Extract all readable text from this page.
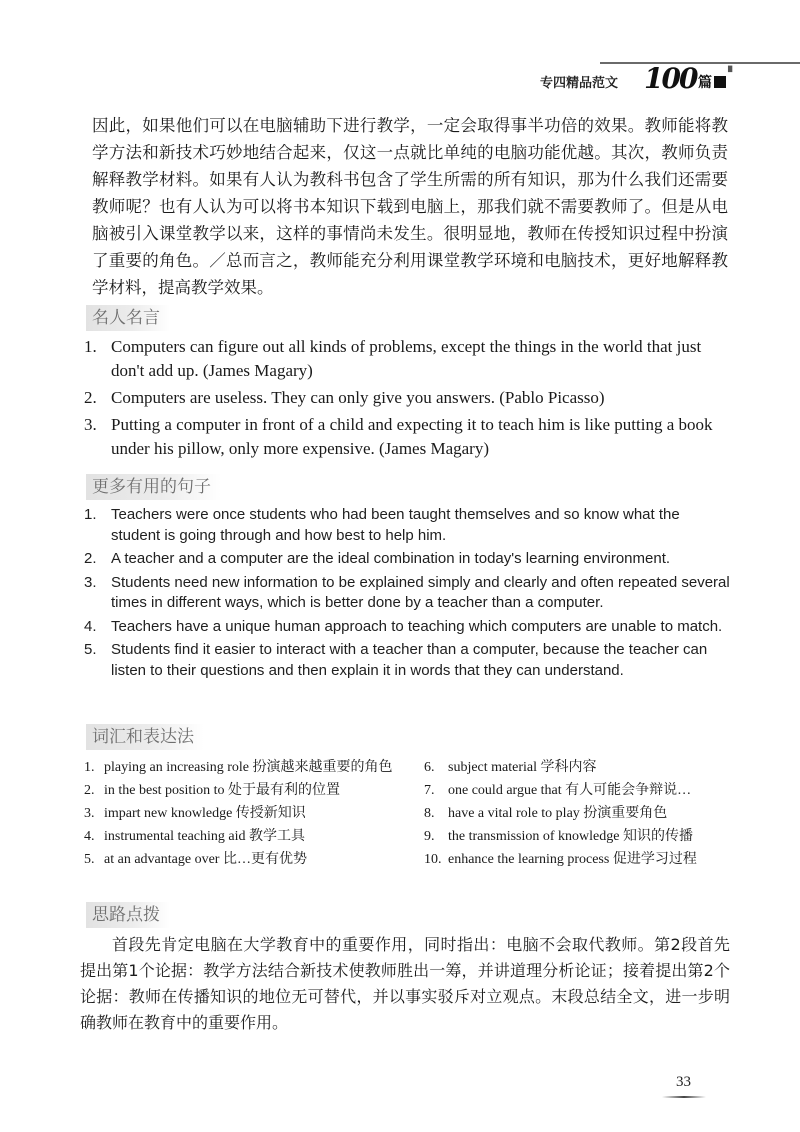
专四精品范文 100 篇
▘

因此，如果他们可以在电脑辅助下进行教学，一定会取得事半功倍的效果。教师能将教学方法和新技术巧妙地结合起来，仅这一点就比单纯的电脑功能优越。其次，教师负责解释教学材料。如果有人认为教科书包含了学生所需的所有知识，那为什么我们还需要教师呢？也有人认为可以将书本知识下载到电脑上，那我们就不需要教师了。但是从电脑被引入课堂教学以来，这样的事情尚未发生。很明显地，教师在传授知识过程中扮演了重要的角色。／总而言之，教师能充分利用课堂教学环境和电脑技术，更好地解释教学材料，提高教学效果。

名人名言
1. Computers can figure out all kinds of problems, except the things in the world that just don't add up. (James Magary)
2. Computers are useless. They can only give you answers. (Pablo Picasso)
3. Putting a computer in front of a child and expecting it to teach him is like putting a book under his pillow, only more expensive. (James Magary)
更多有用的句子
1. Teachers were once students who had been taught themselves and so know what the student is going through and how best to help him.
2. A teacher and a computer are the ideal combination in today's learning environment.
3. Students need new information to be explained simply and clearly and often repeated several times in different ways, which is better done by a teacher than a computer.
4. Teachers have a unique human approach to teaching which computers are unable to match.
5. Students find it easier to interact with a teacher than a computer, because the teacher can listen to their questions and then explain it in words that they can understand.
词汇和表达法
1. playing an increasing role 扮演越来越重要的角色
2. in the best position to 处于最有利的位置
3. impart new knowledge 传授新知识
4. instrumental teaching aid 教学工具
5. at an advantage over 比…更有优势
6. subject material 学科内容
7. one could argue that 有人可能会争辩说…
8. have a vital role to play 扮演重要角色
9. the transmission of knowledge 知识的传播
10. enhance the learning process 促进学习过程
思路点拨

首段先肯定电脑在大学教育中的重要作用，同时指出：电脑不会取代教师。第2段首先提出第1个论据：教学方法结合新技术使教师胜出一筹，并讲道理分析论证；接着提出第2个论据：教师在传播知识的地位无可替代，并以事实驳斥对立观点。末段总结全文，进一步明确教师在教育中的重要作用。

33
